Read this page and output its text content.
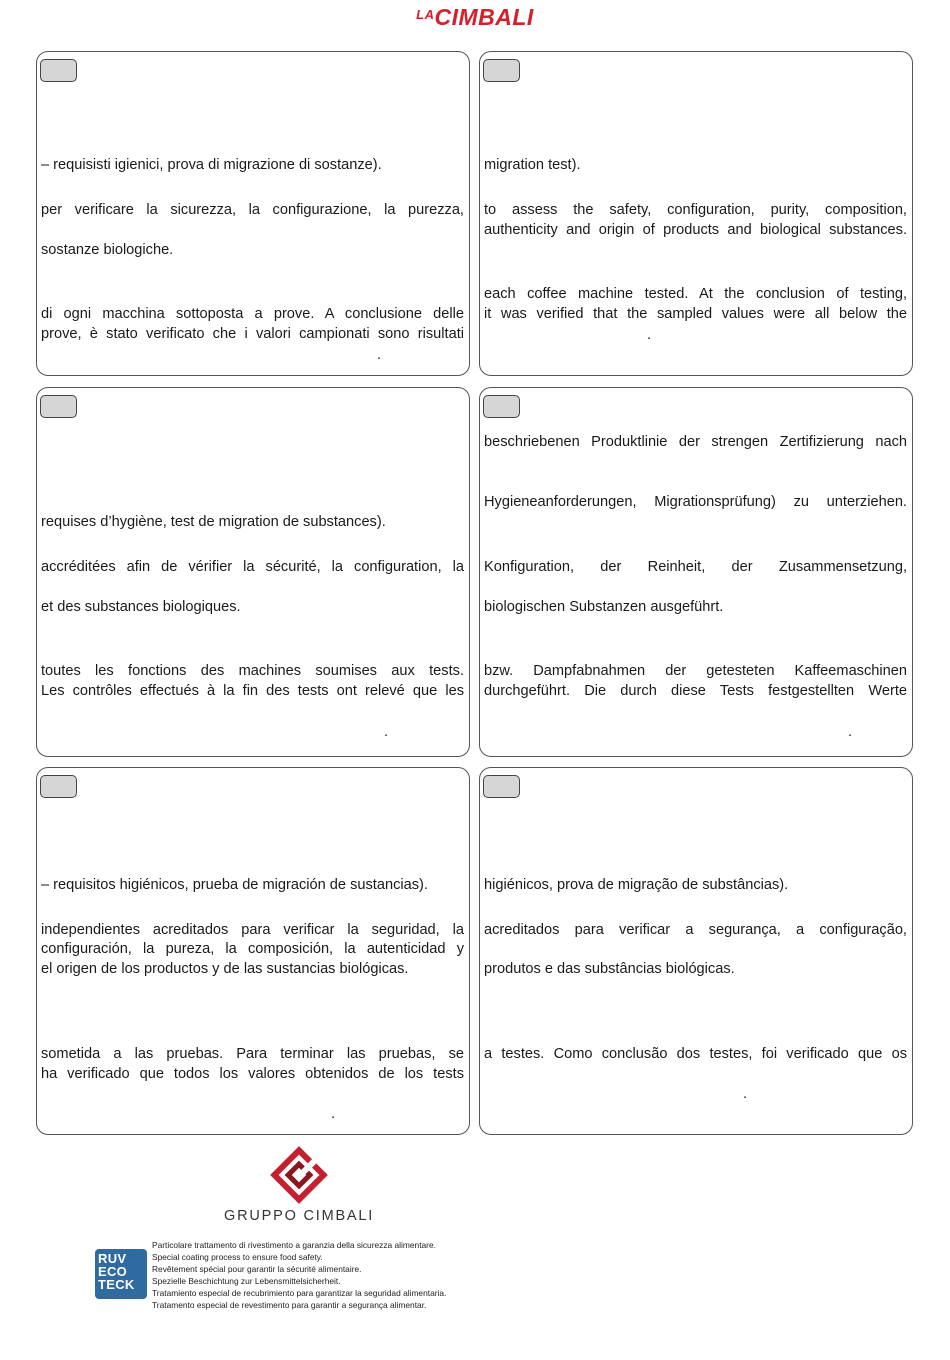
$^{LA}$CIMBALI

– requisisti igienici, prova di migrazione di sostanze).

per verificare la sicurezza, la configurazione, la purezza,

sostanze biologiche.

di ogni macchina sottoposta a prove. A conclusione delle

prove, è stato verificato che i valori campionati sono risultati

.

migration test).

to assess the safety, configuration, purity, composition,

authenticity and origin of products and biological substances.

each coffee machine tested. At the conclusion of testing,

it was verified that the sampled values were all below the

.

requises d’hygiène, test de migration de substances).

accréditées afin de vérifier la sécurité, la configuration, la

et des substances biologiques.

toutes les fonctions des machines soumises aux tests.

Les contrôles effectués à la fin des tests ont relevé que les

.

beschriebenen Produktlinie der strengen Zertifizierung nach

Hygieneanforderungen, Migrationsprüfung) zu unterziehen.

Konfiguration, der Reinheit, der Zusammensetzung,

biologischen Substanzen ausgeführt.

bzw. Dampfabnahmen der getesteten Kaffeemaschinen

durchgeführt. Die durch diese Tests festgestellten Werte

.

– requisitos higiénicos, prueba de migración de sustancias).

independientes acreditados para verificar la seguridad, la

configuración, la pureza, la composición, la autenticidad y

el origen de los productos y de las sustancias biológicas.

sometida a las pruebas. Para terminar las pruebas, se

ha verificado que todos los valores obtenidos de los tests

.

higiénicos, prova de migração de substâncias).

acreditados para verificar a segurança, a configuração,

produtos e das substâncias biológicas.

a testes. Como conclusão dos testes, foi verificado que os

.

GRUPPO CIMBALI
RUV
ECO
TECK
Particolare trattamento di rivestimento a garanzia della sicurezza alimentare.
Special coating process to ensure food safety.
Revêtement spécial pour garantir la sécurité alimentaire.
Spezielle Beschichtung zur Lebensmittelsicherheit.
Tratamiento especial de recubrimiento para garantizar la seguridad alimentaria.
Tratamento especial de revestimento para garantir a segurança alimentar.
